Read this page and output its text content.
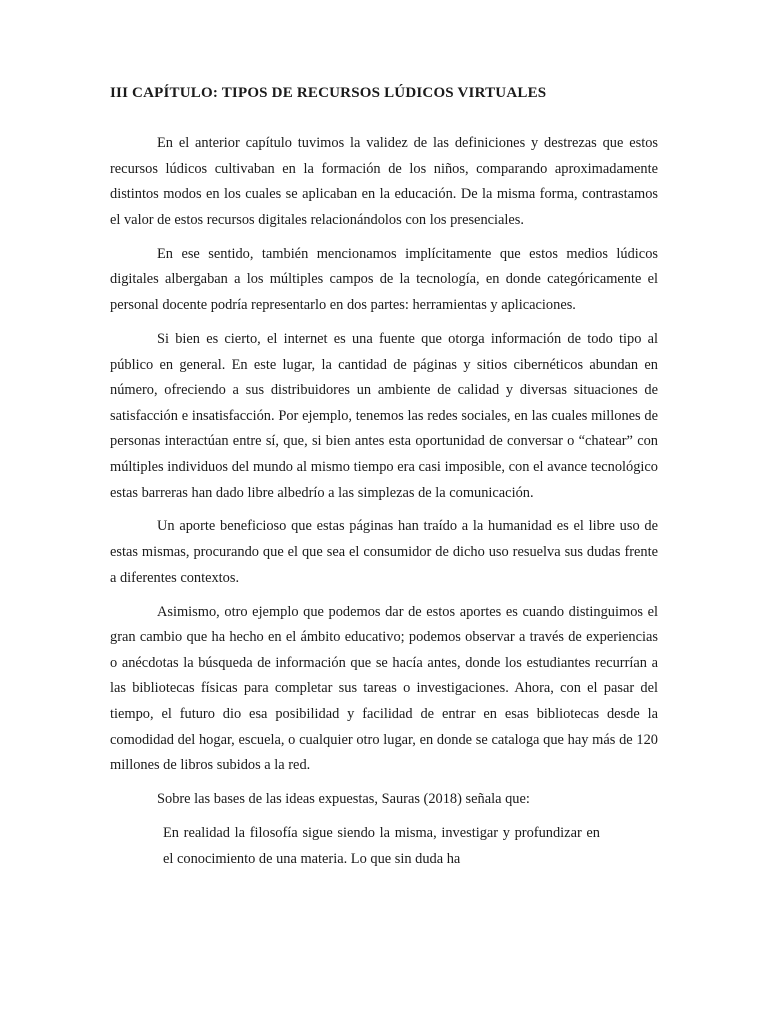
III CAPÍTULO: TIPOS DE RECURSOS LÚDICOS VIRTUALES

En el anterior capítulo tuvimos la validez de las definiciones y destrezas que estos recursos lúdicos cultivaban en la formación de los niños, comparando aproximadamente distintos modos en los cuales se aplicaban en la educación. De la misma forma, contrastamos el valor de estos recursos digitales relacionándolos con los presenciales.

En ese sentido, también mencionamos implícitamente que estos medios lúdicos digitales albergaban a los múltiples campos de la tecnología, en donde categóricamente el personal docente podría representarlo en dos partes: herramientas y aplicaciones.

Si bien es cierto, el internet es una fuente que otorga información de todo tipo al público en general. En este lugar, la cantidad de páginas y sitios cibernéticos abundan en número, ofreciendo a sus distribuidores un ambiente de calidad y diversas situaciones de satisfacción e insatisfacción. Por ejemplo, tenemos las redes sociales, en las cuales millones de personas interactúan entre sí, que, si bien antes esta oportunidad de conversar o “chatear” con múltiples individuos del mundo al mismo tiempo era casi imposible, con el avance tecnológico estas barreras han dado libre albedrío a las simplezas de la comunicación.

Un aporte beneficioso que estas páginas han traído a la humanidad es el libre uso de estas mismas, procurando que el que sea el consumidor de dicho uso resuelva sus dudas frente a diferentes contextos.

Asimismo, otro ejemplo que podemos dar de estos aportes es cuando distinguimos el gran cambio que ha hecho en el ámbito educativo; podemos observar a través de experiencias o anécdotas la búsqueda de información que se hacía antes, donde los estudiantes recurrían a las bibliotecas físicas para completar sus tareas o investigaciones. Ahora, con el pasar del tiempo, el futuro dio esa posibilidad y facilidad de entrar en esas bibliotecas desde la comodidad del hogar, escuela, o cualquier otro lugar, en donde se cataloga que hay más de 120 millones de libros subidos a la red.

Sobre las bases de las ideas expuestas, Sauras (2018) señala que:

En realidad la filosofía sigue siendo la misma, investigar y profundizar en el conocimiento de una materia. Lo que sin duda ha
